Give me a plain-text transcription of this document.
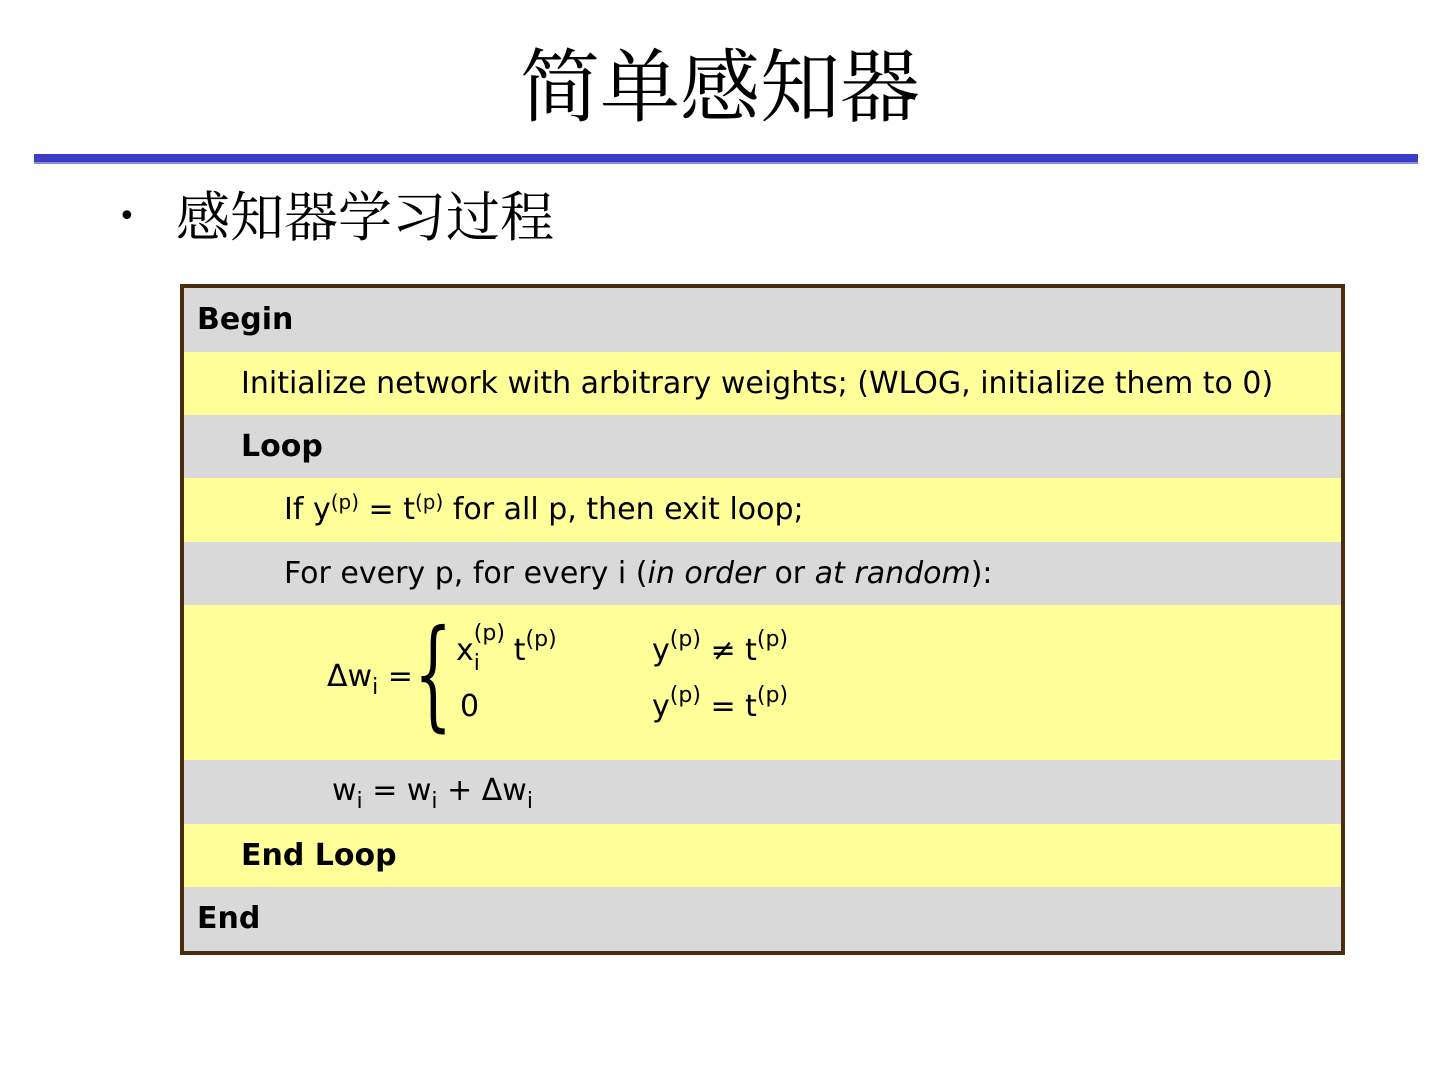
简单感知器
• 感知器学习过程
Begin
Initialize network with arbitrary weights; (WLOG, initialize them to 0)
Loop
If $y^{(p)} = t^{(p)}$ for all p, then exit loop;
For every p, for every i (in order or at random):
$\Delta w_i$ = { x i
(p) $t^{(p)}$	$y^{(p)} \ne t^{(p)}$
0	$y^{(p)} = t^{(p)}$
$w_i = w_i + \Delta w_i$
End Loop
End
